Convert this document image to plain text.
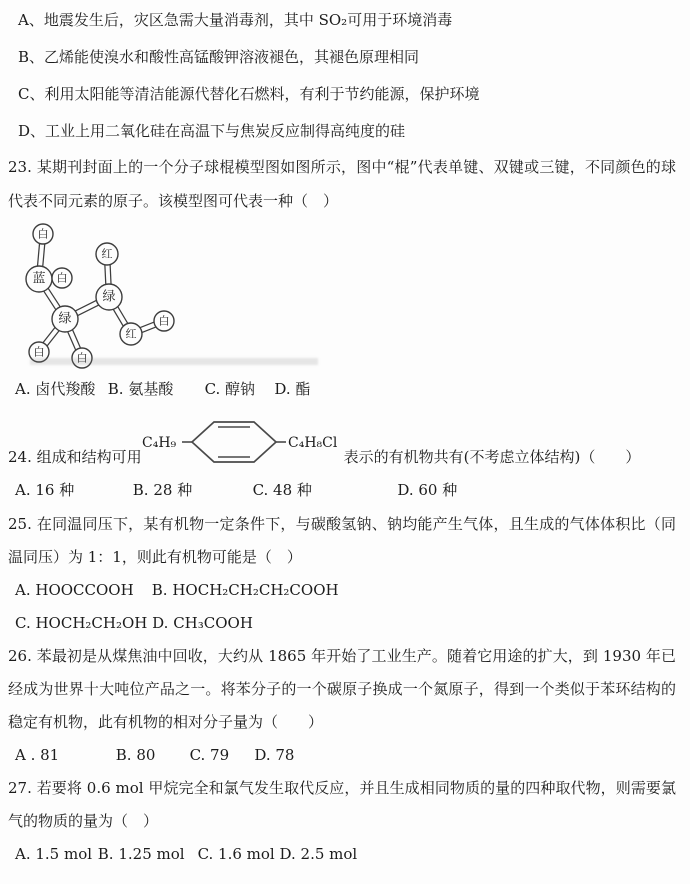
A、地震发生后，灾区急需大量消毒剂，其中 SO₂可用于环境消毒

B、乙烯能使溴水和酸性高锰酸钾溶液褪色，其褪色原理相同

C、利用太阳能等清洁能源代替化石燃料，有利于节约能源，保护环境

D、工业上用二氧化硅在高温下与焦炭反应制得高纯度的硅

23. 某期刊封面上的一个分子球棍模型图如图所示，图中“棍”代表单键、双键或三键，不同颜色的球代表不同元素的原子。该模型图可代表一种（　）

白
红
蓝 白
绿
绿
红
白
白	白
A. 卤代羧酸 B. 氨基酸 C. 醇钠 D. 酯
24. 组成和结构可用
C₄H₉	C₄H₈Cl
表示的有机物共有(不考虑立体结构) （　　）
A. 16 种	B. 28 种	C. 48 种	D. 60 种

25. 在同温同压下，某有机物一定条件下，与碳酸氢钠、钠均能产生气体，且生成的气体体积比（同温同压）为 1：1，则此有机物可能是（　）

A. HOOCCOOH B. HOCH₂CH₂CH₂COOH
C. HOCH₂CH₂OH D. CH₃COOH

26. 苯最初是从煤焦油中回收，大约从 1865 年开始了工业生产。随着它用途的扩大，到 1930 年已经成为世界十大吨位产品之一。将苯分子的一个碳原子换成一个氮原子，得到一个类似于苯环结构的稳定有机物，此有机物的相对分子量为（　　）

A . 81	B. 80 C. 79 D. 78

27. 若要将 0.6 mol 甲烷完全和氯气发生取代反应，并且生成相同物质的量的四种取代物，则需要氯气的物质的量为（　）

A. 1.5 mol B. 1.25 mol C. 1.6 mol D. 2.5 mol
